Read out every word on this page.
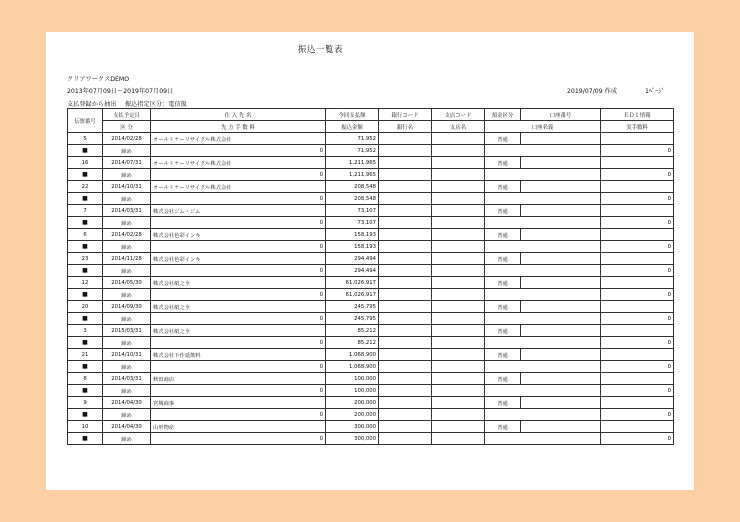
クリアワークスDEMO
振込一覧表
2013年07月09日～2019年07月09日	2019/07/09 作成	1ﾍﾟｰｼﾞ
支払登録から抽出 振込指定区分：電信扱
伝票番号	支払予定日	仕 入 先 名	今回支払額	銀行コード	支店コード	預金区分	口座番号	ＥＤＩ情報
	区 分	先 方 手 数 料	振込金額	銀行名	支店名	口座名義		実手数料
5	2014/02/28	オールトナーリサイクル株式会社	71,952			普通		
■	締め	0	71,952					0
16	2014/07/31	オールトナーリサイクル株式会社	1,211,965			普通		
■	締め	0	1,211,965					0
22	2014/10/31	オールトナーリサイクル株式会社	208,548			普通		
■	締め	0	208,548					0
7	2014/03/31	株式会社ジム・ジム	73,107			普通		
■	締め	0	73,107					0
6	2014/02/28	株式会社色彩インキ	158,193			普通		
■	締め	0	158,193					0
23	2014/11/28	株式会社色彩インキ	294,494			普通		
■	締め	0	294,494					0
12	2014/05/30	株式会社紙之全	61,026,917			普通		
■	締め	0	61,026,917					0
20	2014/09/30	株式会社紙之全	245,795			普通		
■	締め	0	245,795					0
3	2015/03/31	株式会社紙之全	85,212			普通		
■	締め	0	85,212					0
21	2014/10/31	株式会社下作延飲料	1,068,900			普通		
■	締め	0	1,068,900					0
8	2014/03/31	秋田商店	100,000			普通		
■	締め	0	100,000					0
9	2014/04/30	宮城商事	200,000			普通		
■	締め	0	200,000					0
10	2014/04/30	山形物産	300,000			普通		
■	締め	0	300,000					0
